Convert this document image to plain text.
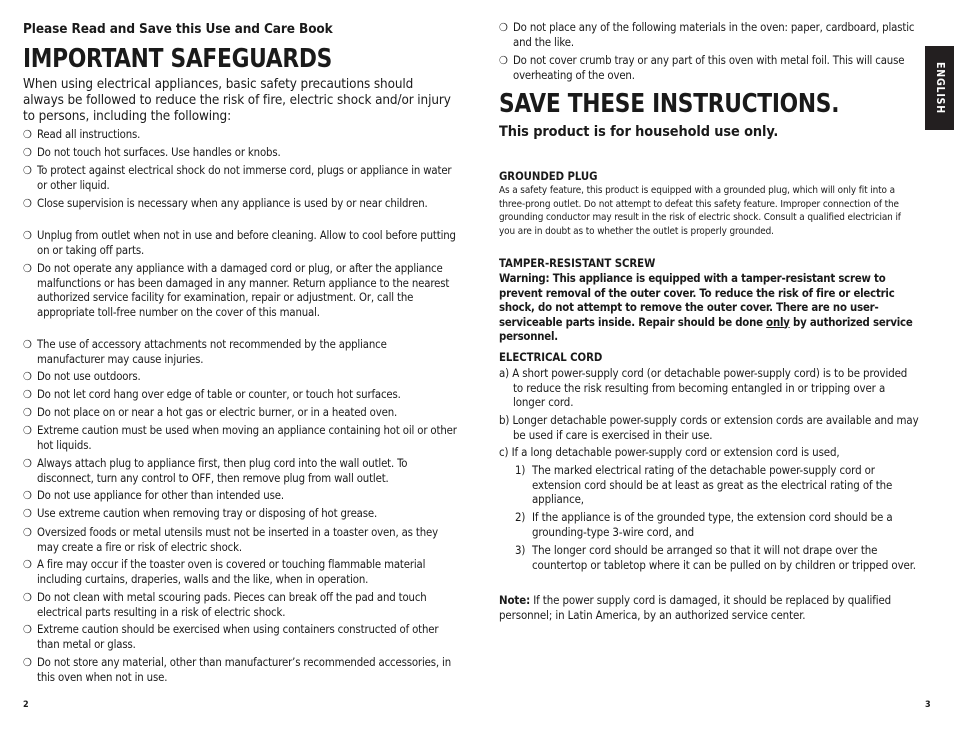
Please Read and Save this Use and Care Book
IMPORTANT SAFEGUARDS
When using electrical appliances, basic safety precautions should always be followed to reduce the risk of fire, electric shock and/or injury to persons, including the following:
❍ Read all instructions.
❍ Do not touch hot surfaces. Use handles or knobs.
❍ To protect against electrical shock do not immerse cord, plugs or appliance in water or other liquid.
❍ Close supervision is necessary when any appliance is used by or near children.
❍ Unplug from outlet when not in use and before cleaning. Allow to cool before putting on or taking off parts.
❍ Do not operate any appliance with a damaged cord or plug, or after the appliance malfunctions or has been damaged in any manner. Return appliance to the nearest authorized service facility for examination, repair or adjustment. Or, call the appropriate toll-free number on the cover of this manual.
❍ The use of accessory attachments not recommended by the appliance manufacturer may cause injuries.
❍ Do not use outdoors.
❍ Do not let cord hang over edge of table or counter, or touch hot surfaces.
❍ Do not place on or near a hot gas or electric burner, or in a heated oven.
❍ Extreme caution must be used when moving an appliance containing hot oil or other hot liquids.
❍ Always attach plug to appliance first, then plug cord into the wall outlet. To disconnect, turn any control to OFF, then remove plug from wall outlet.
❍ Do not use appliance for other than intended use.
❍ Use extreme caution when removing tray or disposing of hot grease.
❍ Oversized foods or metal utensils must not be inserted in a toaster oven, as they may create a fire or risk of electric shock.
❍ A fire may occur if the toaster oven is covered or touching flammable material including curtains, draperies, walls and the like, when in operation.
❍ Do not clean with metal scouring pads. Pieces can break off the pad and touch electrical parts resulting in a risk of electric shock.
❍ Extreme caution should be exercised when using containers constructed of other than metal or glass.
❍ Do not store any material, other than manufacturer’s recommended accessories, in this oven when not in use.
2
❍ Do not place any of the following materials in the oven: paper, cardboard, plastic and the like.
❍ Do not cover crumb tray or any part of this oven with metal foil. This will cause overheating of the oven.
SAVE THESE INSTRUCTIONS.
This product is for household use only.
GROUNDED PLUG
As a safety feature, this product is equipped with a grounded plug, which will only fit into a three-prong outlet. Do not attempt to defeat this safety feature. Improper connection of the grounding conductor may result in the risk of electric shock. Consult a qualified electrician if you are in doubt as to whether the outlet is properly grounded.
TAMPER-RESISTANT SCREW
Warning: This appliance is equipped with a tamper-resistant screw to prevent removal of the outer cover. To reduce the risk of fire or electric shock, do not attempt to remove the outer cover. There are no user-serviceable parts inside. Repair should be done only by authorized service personnel.
ELECTRICAL CORD
a) A short power-supply cord (or detachable power-supply cord) is to be provided to reduce the risk resulting from becoming entangled in or tripping over a longer cord.
b) Longer detachable power-supply cords or extension cords are available and may be used if care is exercised in their use.
c) If a long detachable power-supply cord or extension cord is used,
1) The marked electrical rating of the detachable power-supply cord or extension cord should be at least as great as the electrical rating of the appliance,
2) If the appliance is of the grounded type, the extension cord should be a grounding-type 3-wire cord, and
3) The longer cord should be arranged so that it will not drape over the countertop or tabletop where it can be pulled on by children or tripped over.
Note: If the power supply cord is damaged, it should be replaced by qualified personnel; in Latin America, by an authorized service center.
3
ENGLISH
